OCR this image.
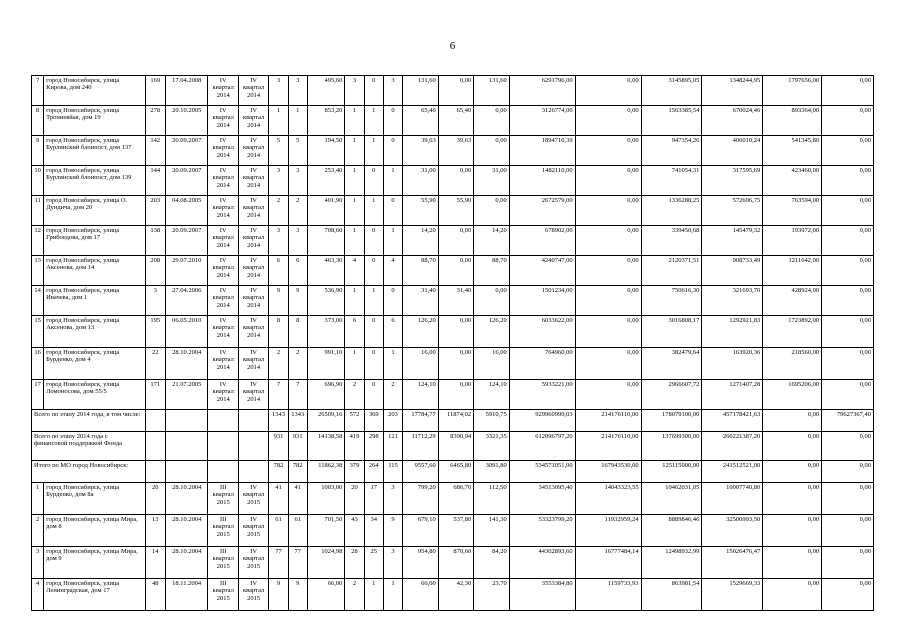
6
7	город Новосибирск, улица Кирова, дом 240	169	17.04.2008	IV квартал 2014	IV квартал 2014	3	3	495,60	3	0	3	131,60	0,00	131,60	6291796,00	0,00	3145895,05	1348244,95	1797656,00	0,00
8	город Новосибирск, улица Тропиевйая, дом 19	278	20.10.2005	IV квартал 2014	IV квартал 2014	1	1	853,20	1	1	0	65,40	65,40	0,00	3126774,00	0,00	1563385,54	670024,46	893364,00	0,00
9	город Новосибирск, улица Бурлинский блоипост, дом 137	142	20.09.2007	IV квартал 2014	IV квартал 2014	5	5	194,50	1	1	0	39,63	39,63	0,00	1894710,39	0,00	947354,26	406010,24	541345,80	0,00
10	город Новосибирск, улица Бурлинский блоипост, дом 139	144	20.09.2007	IV квартал 2014	IV квартал 2014	3	3	253,40	1	0	1	31,00	0,00	31,00	1482110,00	0,00	741054,31	317595,69	423460,00	0,00
11	город Новосибирск, улица О. Дундича, дом 20	203	04.08.2005	IV квартал 2014	IV квартал 2014	2	2	401,90	1	1	0	55,90	55,90	0,00	2672579,00	0,00	1336288,25	572696,75	763594,00	0,00
12	город Новосибирск, улица Грибоедова, дом 17	138	20.09.2007	IV квартал 2014	IV квартал 2014	3	3	708,60	1	0	1	14,20	0,00	14,20	678902,00	0,00	339450,68	145479,32	193972,00	0,00
13	город Новосибирск, улица Аксенова, дом 14	208	29.07.2010	IV квартал 2014	IV квартал 2014	6	6	463,30	4	0	4	88,70	0,00	88,70	4240747,00	0,00	2120371,51	908733,49	1211642,00	0,00
14	город Новосибирск, улица Ивачева, дом 1	3	27.04.2006	IV квартал 2014	IV квартал 2014	9	9	536,90	1	1	0	31,40	31,40	0,00	1501234,00	0,00	750616,30	321693,70	428924,00	0,00
15	город Новосибирск, улица Аксенова, дом 13	195	06.05.2010	IV квартал 2014	IV квартал 2014	8	8	373,00	6	0	6	126,20	0,00	126,20	6033622,00	0,00	3016808,17	1292921,83	1723892,00	0,00
16	город Новосибирск, улица Бурденко, дом 4	22	28.10.2004	IV квартал 2014	IV квартал 2014	2	2	991,10	1	0	1	16,00	0,00	16,00	764960,00	0,00	382479,64	163920,36	218560,00	0,00
17	город Новосибирск, улица Ломоносова, дом 55/5	171	21.07.2005	IV квартал 2014	IV квартал 2014	7	7	696,90	2	0	2	124,10	0,00	124,10	5933221,00	0,00	2966607,72	1271407,28	1695206,00	0,00
Всего по этапу 2014 года, в том числе:						1343	1343	26509,16	572	369	203	17784,77	11874,02	5910,75	929960999,03	214176110,00	178079100,00	457178421,63	0,00	79627367,40
Всего по этапу 2014 года с финансовой поддержкой Фонда						931	931	14138,58	419	298	121	11712,29	8390,94	3321,35	612096797,20	214176110,00	137699300,00	260221387,20	0,00	0,00
Итого по МО город Новосибирск:						782	782	11862,38	379	264	115	9557,60	6465,80	3091,80	534571051,00	167943530,00	125115000,00	241512521,00	0,00	0,00
1	город Новосибирск, улица Бурденко, дом 8а	20	28.10.2004	III квартал 2015	IV квартал 2015	41	41	1003,00	20	17	3	799,20	686,70	112,50	34513095,40	14043323,55	10462031,05	10007740,80	0,00	0,00
2	город Новосибирск, улица Мира, дом 8	13	28.10.2004	III квартал 2015	IV квартал 2015	61	61	701,50	43	34	9	679,10	537,80	141,30	53323799,20	11932959,24	8889846,46	32500993,50	0,00	0,00
3	город Новосибирск, улица Мира, дом 9	14	28.10.2004	III квартал 2015	IV квартал 2015	77	77	1024,98	28	25	3	954,80	870,60	84,20	44302893,60	16777484,14	12498932,99	15026476,47	0,00	0,00
4	город Новосибирск, улица Ленинградская, дом 17	48	18.11.2004	III квартал 2015	IV квартал 2015	9	9	66,00	2	1	1	66,00	42,30	23,70	3553384,80	1159733,93	863981,54	1529669,33	0,00	0,00
